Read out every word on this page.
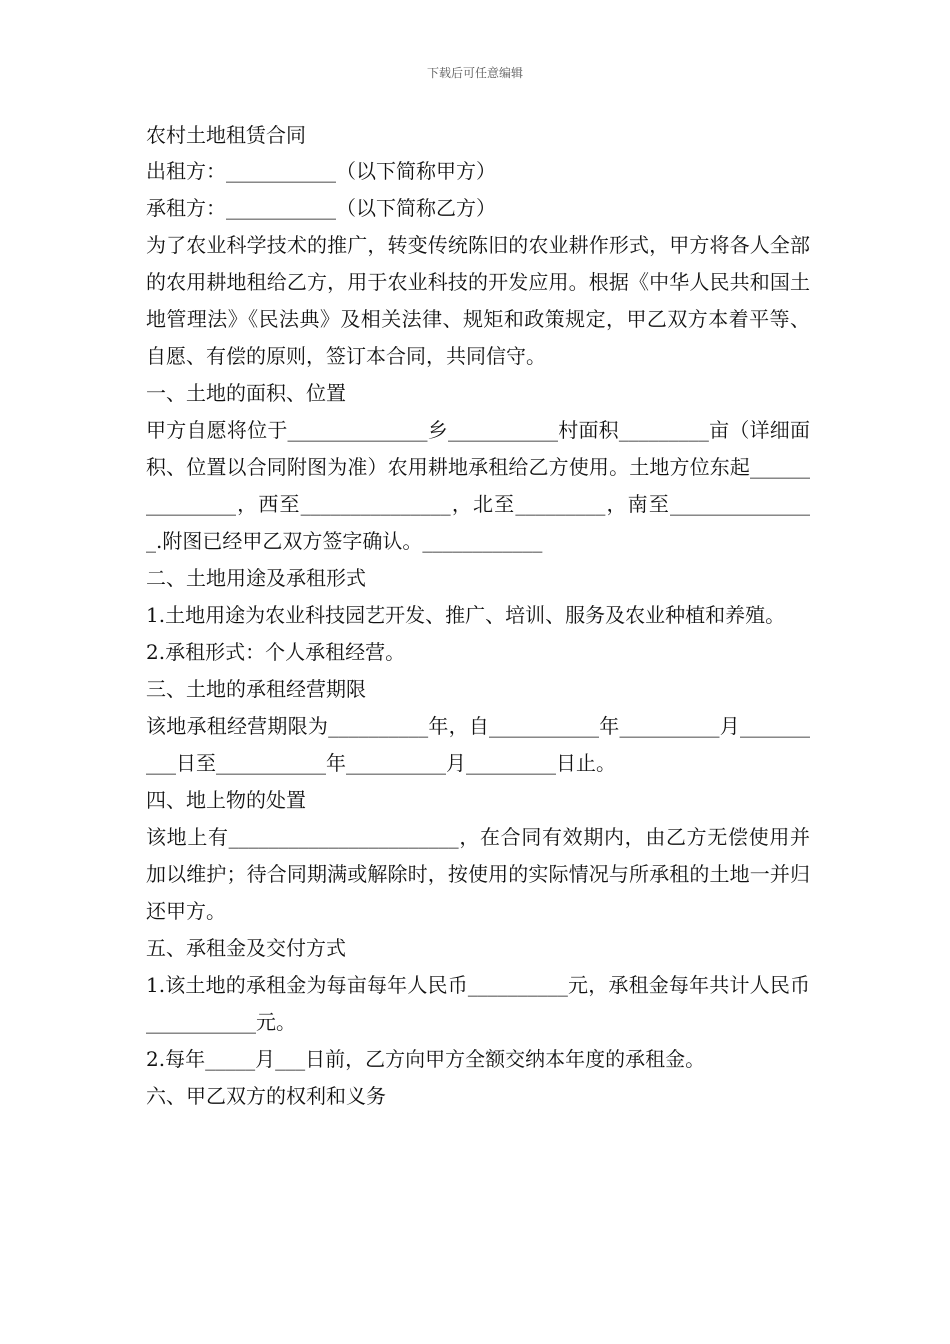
下载后可任意编辑

农村土地租赁合同

出租方：___________（以下简称甲方）

承租方：___________（以下简称乙方）

为了农业科学技术的推广，转变传统陈旧的农业耕作形式，甲方将各人全部的农用耕地租给乙方，用于农业科技的开发应用。根据《中华人民共和国土地管理法》《民法典》及相关法律、规矩和政策规定，甲乙双方本着平等、自愿、有偿的原则，签订本合同，共同信守。

一、土地的面积、位置

甲方自愿将位于______________乡___________村面积_________亩（详细面积、位置以合同附图为准）农用耕地承租给乙方使用。土地方位东起_______________，西至_______________，北至_________，南至_______________.附图已经甲乙双方签字确认。____________

二、土地用途及承租形式

1.土地用途为农业科技园艺开发、推广、培训、服务及农业种植和养殖。

2.承租形式：个人承租经营。

三、土地的承租经营期限

该地承租经营期限为__________年，自___________年__________月__________日至___________年__________月_________日止。

四、地上物的处置

该地上有_______________________，在合同有效期内，由乙方无偿使用并加以维护；待合同期满或解除时，按使用的实际情况与所承租的土地一并归还甲方。

五、承租金及交付方式

1.该土地的承租金为每亩每年人民币__________元，承租金每年共计人民币___________元。

2.每年_____月___日前，乙方向甲方全额交纳本年度的承租金。

六、甲乙双方的权利和义务
